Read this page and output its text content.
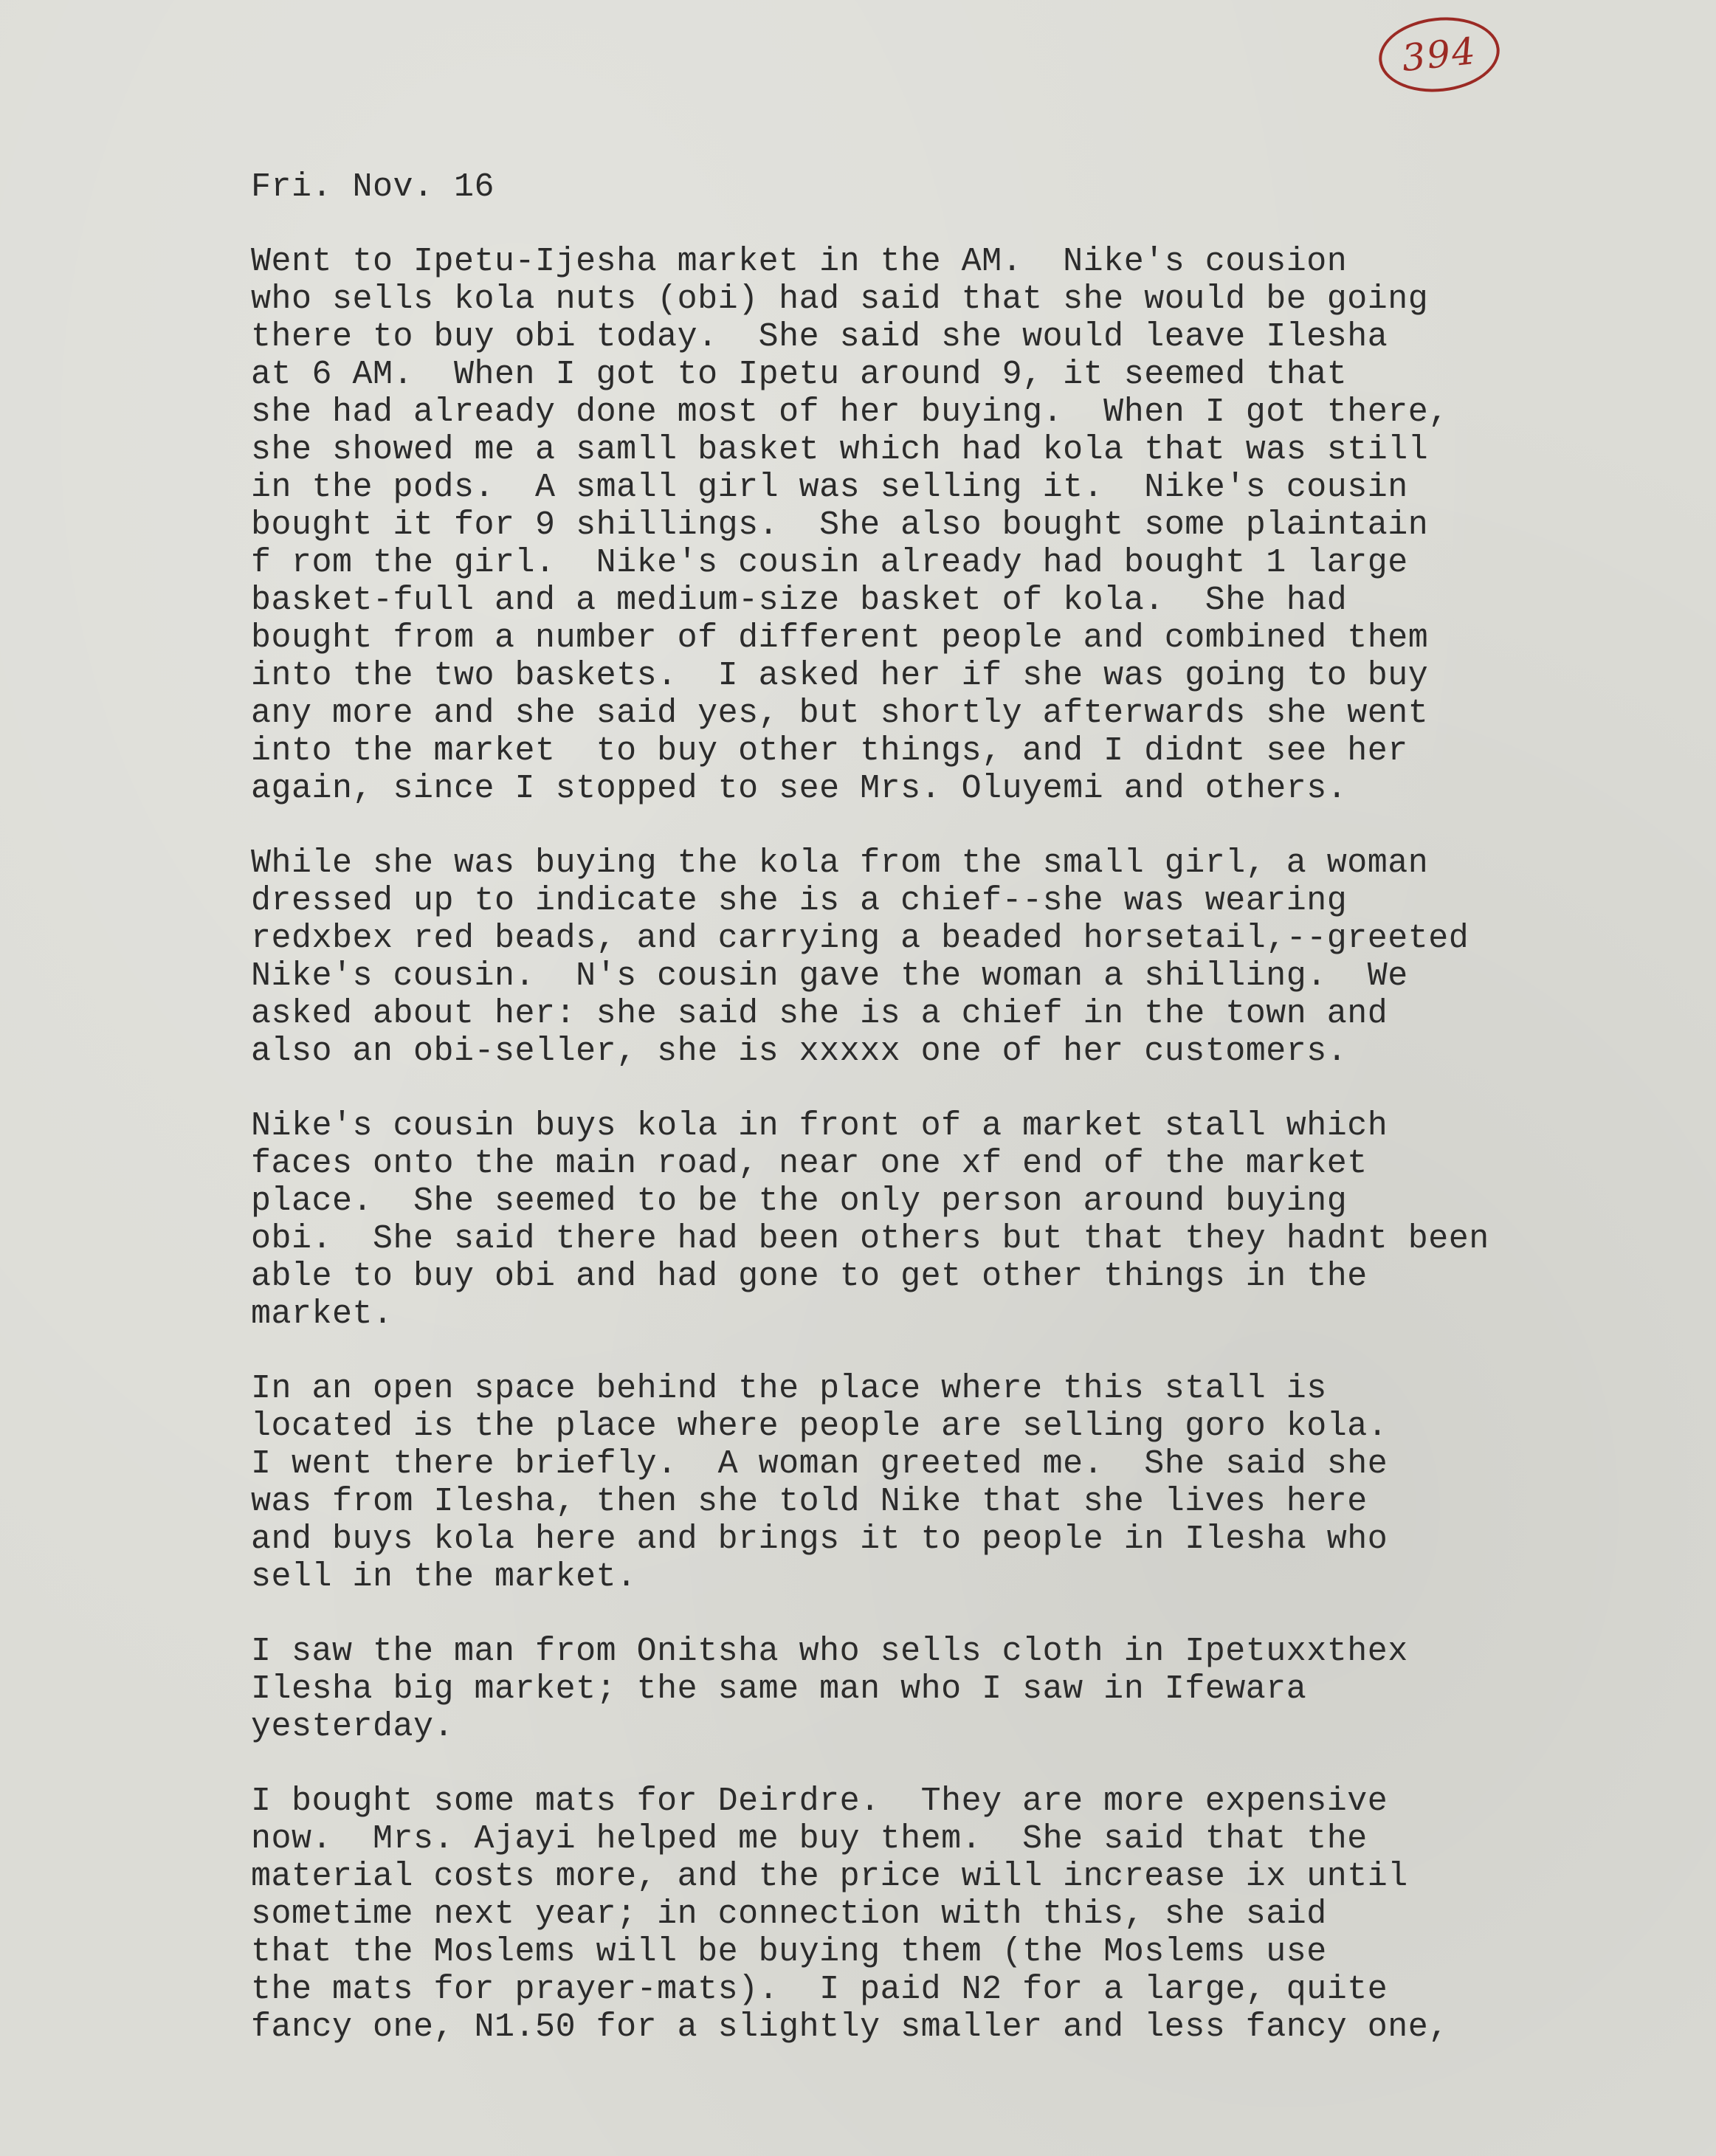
394
Fri. Nov. 16
Went to Ipetu-Ijesha market in the AM.  Nike's cousion
who sells kola nuts (obi) had said that she would be going
there to buy obi today.  She said she would leave Ilesha
at 6 AM.  When I got to Ipetu around 9, it seemed that
she had already done most of her buying.  When I got there,
she showed me a samll basket which had kola that was still
in the pods.  A small girl was selling it.  Nike's cousin
bought it for 9 shillings.  She also bought some plaintain
f rom the girl.  Nike's cousin already had bought 1 large
basket-full and a medium-size basket of kola.  She had
bought from a number of different people and combined them
into the two baskets.  I asked her if she was going to buy
any more and she said yes, but shortly afterwards she went
into the market  to buy other things, and I didnt see her
again, since I stopped to see Mrs. Oluyemi and others.
While she was buying the kola from the small girl, a woman
dressed up to indicate she is a chief--she was wearing
redxbex red beads, and carrying a beaded horsetail,--greeted
Nike's cousin.  N's cousin gave the woman a shilling.  We
asked about her: she said she is a chief in the town and
also an obi-seller, she is xxxxx one of her customers.
Nike's cousin buys kola in front of a market stall which
faces onto the main road, near one xf end of the market
place.  She seemed to be the only person around buying
obi.  She said there had been others but that they hadnt been
able to buy obi and had gone to get other things in the
market.
In an open space behind the place where this stall is
located is the place where people are selling goro kola.
I went there briefly.  A woman greeted me.  She said she
was from Ilesha, then she told Nike that she lives here
and buys kola here and brings it to people in Ilesha who
sell in the market.
I saw the man from Onitsha who sells cloth in Ipetuxxthex
Ilesha big market; the same man who I saw in Ifewara
yesterday.
I bought some mats for Deirdre.  They are more expensive
now.  Mrs. Ajayi helped me buy them.  She said that the
material costs more, and the price will increase ix until
sometime next year; in connection with this, she said
that the Moslems will be buying them (the Moslems use
the mats for prayer-mats).  I paid N2 for a large, quite
fancy one, N1.50 for a slightly smaller and less fancy one,
